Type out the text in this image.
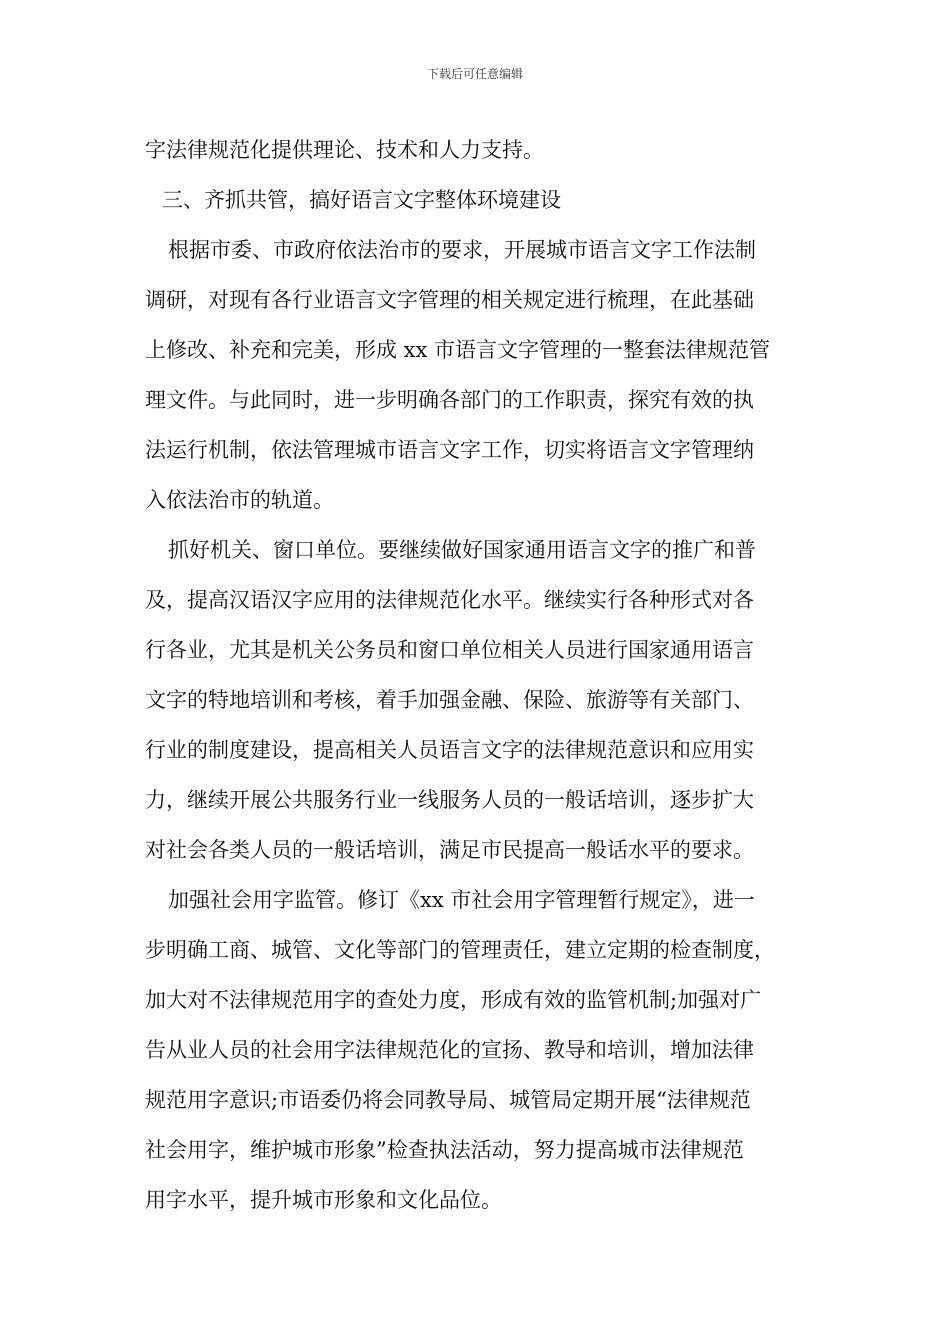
下载后可任意编辑
字法律规范化提供理论、技术和人力支持。
三、齐抓共管，搞好语言文字整体环境建设
根据市委、市政府依法治市的要求，开展城市语言文字工作法制
调研，对现有各行业语言文字管理的相关规定进行梳理，在此基础
上修改、补充和完美，形成 xx 市语言文字管理的一整套法律规范管
理文件。与此同时，进一步明确各部门的工作职责，探究有效的执
法运行机制，依法管理城市语言文字工作，切实将语言文字管理纳
入依法治市的轨道。
抓好机关、窗口单位。要继续做好国家通用语言文字的推广和普
及，提高汉语汉字应用的法律规范化水平。继续实行各种形式对各
行各业，尤其是机关公务员和窗口单位相关人员进行国家通用语言
文字的特地培训和考核，着手加强金融、保险、旅游等有关部门、
行业的制度建设，提高相关人员语言文字的法律规范意识和应用实
力，继续开展公共服务行业一线服务人员的一般话培训，逐步扩大
对社会各类人员的一般话培训，满足市民提高一般话水平的要求。
加强社会用字监管。修订《xx 市社会用字管理暂行规定》，进一
步明确工商、城管、文化等部门的管理责任，建立定期的检查制度，
加大对不法律规范用字的查处力度，形成有效的监管机制;加强对广
告从业人员的社会用字法律规范化的宣扬、教导和培训，增加法律
规范用字意识;市语委仍将会同教导局、城管局定期开展“法律规范
社会用字，维护城市形象”检查执法活动，努力提高城市法律规范
用字水平，提升城市形象和文化品位。
